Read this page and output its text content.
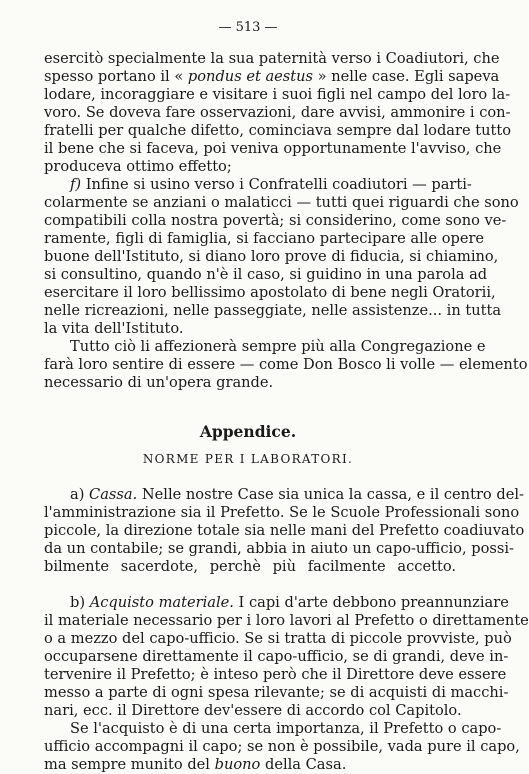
— 513 —
esercitò specialmente la sua paternità verso i Coadiutori, che
spesso portano il « pondus et aestus » nelle case. Egli sapeva
lodare, incoraggiare e visitare i suoi figli nel campo del loro la-
voro. Se doveva fare osservazioni, dare avvisi, ammonire i con-
fratelli per qualche difetto, cominciava sempre dal lodare tutto
il bene che si faceva, poi veniva opportunamente l'avviso, che
produceva ottimo effetto;
f) Infine si usino verso i Confratelli coadiutori — parti-
colarmente se anziani o malaticci — tutti quei riguardi che sono
compatibili colla nostra povertà; si considerino, come sono ve-
ramente, figli di famiglia, si facciano partecipare alle opere
buone dell'Istituto, si diano loro prove di fiducia, si chiamino,
si consultino, quando n'è il caso, si guidino in una parola ad
esercitare il loro bellissimo apostolato di bene negli Oratorii,
nelle ricreazioni, nelle passeggiate, nelle assistenze... in tutta
la vita dell'Istituto.
Tutto ciò li affezionerà sempre più alla Congregazione e
farà loro sentire di essere — come Don Bosco li volle — elemento
necessario di un'opera grande.
Appendice.
NORME PER I LABORATORI.
a) Cassa. Nelle nostre Case sia unica la cassa, e il centro del-
l'amministrazione sia il Prefetto. Se le Scuole Professionali sono
piccole, la direzione totale sia nelle mani del Prefetto coadiuvato
da un contabile; se grandi, abbia in aiuto un capo-ufficio, possi-
bilmente sacerdote, perchè più facilmente accetto.
b) Acquisto materiale. I capi d'arte debbono preannunziare
il materiale necessario per i loro lavori al Prefetto o direttamente
o a mezzo del capo-ufficio. Se si tratta di piccole provviste, può
occuparsene direttamente il capo-ufficio, se di grandi, deve in-
tervenire il Prefetto; è inteso però che il Direttore deve essere
messo a parte di ogni spesa rilevante; se di acquisti di macchi-
nari, ecc. il Direttore dev'essere di accordo col Capitolo.
Se l'acquisto è di una certa importanza, il Prefetto o capo-
ufficio accompagni il capo; se non è possibile, vada pure il capo,
ma sempre munito del buono della Casa.
